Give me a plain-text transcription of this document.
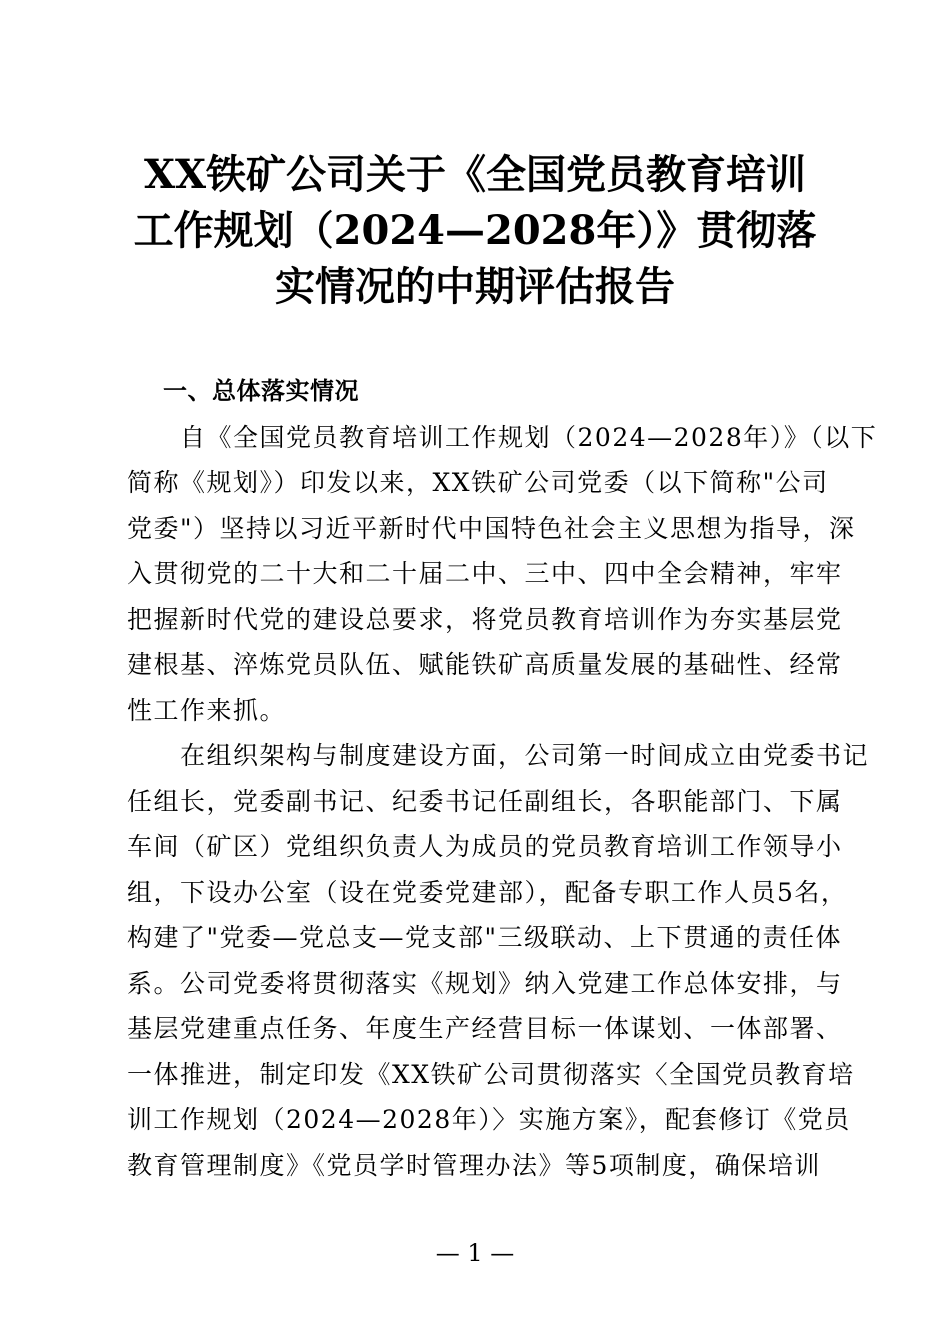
XX铁矿公司关于《全国党员教育培训
工作规划（2024—2028年）》贯彻落
实情况的中期评估报告
一、总体落实情况

　　自《全国党员教育培训工作规划（2024—2028年）》（以下
简称《规划》）印发以来，XX铁矿公司党委（以下简称"公司
党委"）坚持以习近平新时代中国特色社会主义思想为指导，深
入贯彻党的二十大和二十届二中、三中、四中全会精神，牢牢
把握新时代党的建设总要求，将党员教育培训作为夯实基层党
建根基、淬炼党员队伍、赋能铁矿高质量发展的基础性、经常
性工作来抓。

　　在组织架构与制度建设方面，公司第一时间成立由党委书记
任组长，党委副书记、纪委书记任副组长，各职能部门、下属
车间（矿区）党组织负责人为成员的党员教育培训工作领导小
组，下设办公室（设在党委党建部），配备专职工作人员5名，
构建了"党委—党总支—党支部"三级联动、上下贯通的责任体
系。公司党委将贯彻落实《规划》纳入党建工作总体安排，与
基层党建重点任务、年度生产经营目标一体谋划、一体部署、
一体推进，制定印发《XX铁矿公司贯彻落实〈全国党员教育培
训工作规划（2024—2028年）〉实施方案》，配套修订《党员
教育管理制度》《党员学时管理办法》等5项制度，确保培训

— 1 —
